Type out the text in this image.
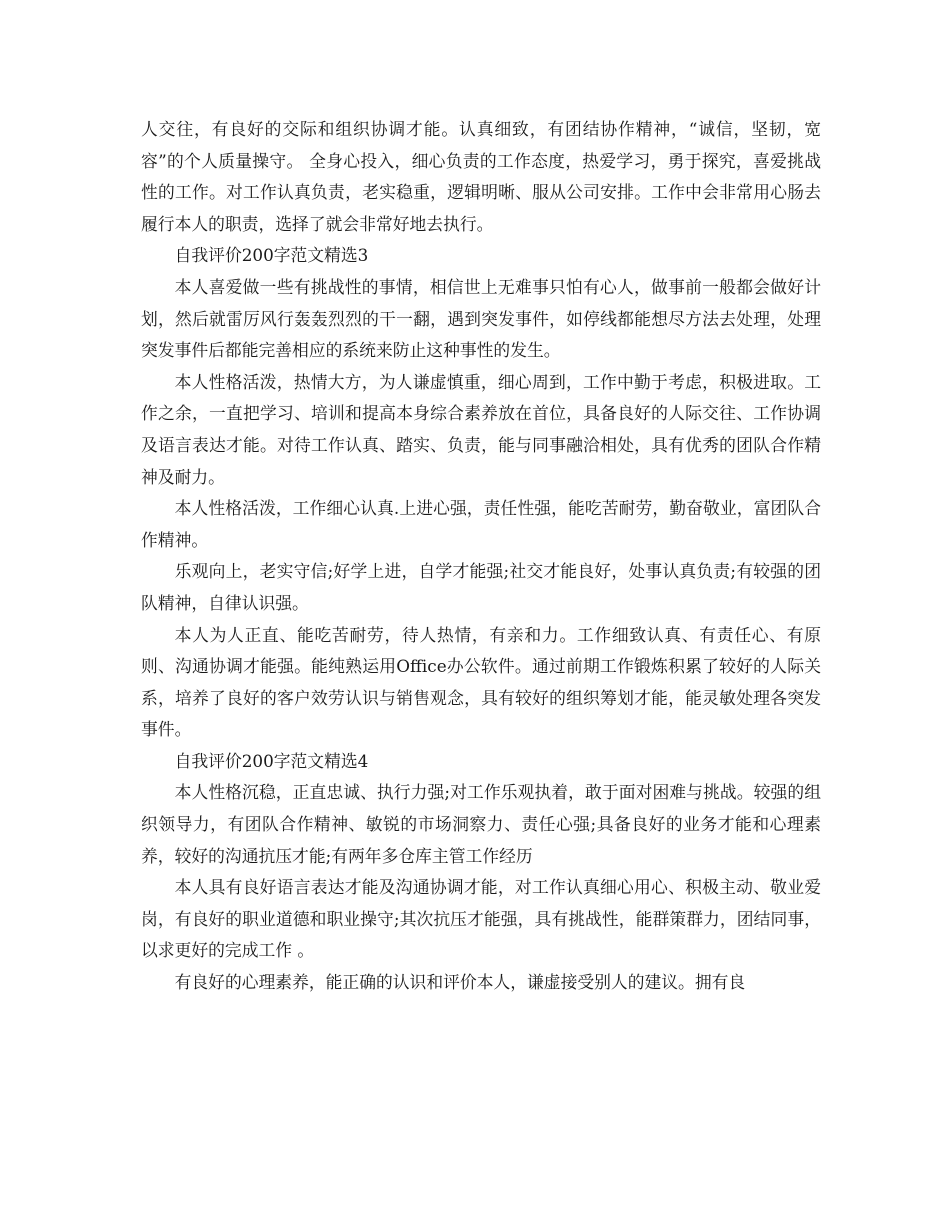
人交往，有良好的交际和组织协调才能。认真细致，有团结协作精神，“诚信，坚韧，宽容”的个人质量操守。 全身心投入，细心负责的工作态度，热爱学习，勇于探究，喜爱挑战性的工作。对工作认真负责，老实稳重，逻辑明晰、服从公司安排。工作中会非常用心肠去履行本人的职责，选择了就会非常好地去执行。

自我评价200字范文精选3

本人喜爱做一些有挑战性的事情，相信世上无难事只怕有心人，做事前一般都会做好计划，然后就雷厉风行轰轰烈烈的干一翻，遇到突发事件，如停线都能想尽方法去处理，处理突发事件后都能完善相应的系统来防止这种事性的发生。

本人性格活泼，热情大方，为人谦虚慎重，细心周到，工作中勤于考虑，积极进取。工作之余，一直把学习、培训和提高本身综合素养放在首位，具备良好的人际交往、工作协调及语言表达才能。对待工作认真、踏实、负责，能与同事融洽相处，具有优秀的团队合作精神及耐力。

本人性格活泼，工作细心认真.上进心强，责任性强，能吃苦耐劳，勤奋敬业，富团队合作精神。

乐观向上，老实守信;好学上进，自学才能强;社交才能良好，处事认真负责;有较强的团队精神，自律认识强。

本人为人正直、能吃苦耐劳，待人热情，有亲和力。工作细致认真、有责任心、有原则、沟通协调才能强。能纯熟运用Office办公软件。通过前期工作锻炼积累了较好的人际关系，培养了良好的客户效劳认识与销售观念，具有较好的组织筹划才能，能灵敏处理各突发事件。

自我评价200字范文精选4

本人性格沉稳，正直忠诚、执行力强;对工作乐观执着，敢于面对困难与挑战。较强的组织领导力，有团队合作精神、敏锐的市场洞察力、责任心强;具备良好的业务才能和心理素养，较好的沟通抗压才能;有两年多仓库主管工作经历

本人具有良好语言表达才能及沟通协调才能，对工作认真细心用心、积极主动、敬业爱岗，有良好的职业道德和职业操守;其次抗压才能强，具有挑战性，能群策群力，团结同事，以求更好的完成工作 。

有良好的心理素养，能正确的认识和评价本人，谦虚接受别人的建议。拥有良
